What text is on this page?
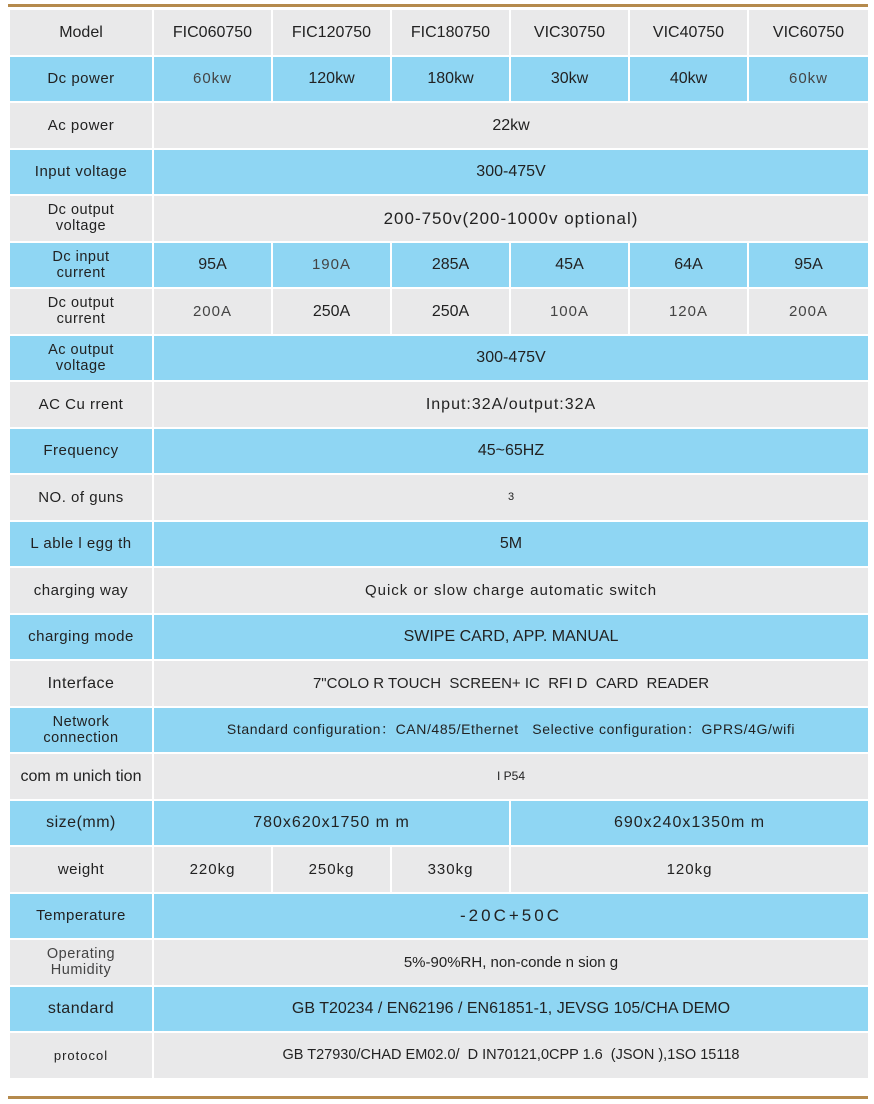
Model	FIC060750	FIC120750	FIC180750	VIC30750	VIC40750	VIC60750
Dc power	60kw	120kw	180kw	30kw	40kw	60kw
Ac power	22kw					
Input voltage	300-475V					

Dc output
voltage	200-750v(200-1000v optional)					

Dc input
current	95A	190A	285A	45A	64A	95A

Dc output
current	200A	250A	250A	100A	120A	200A

Ac output
voltage	300-475V					
AC Cu rrent	Input:32A/output:32A					
Frequency	45~65HZ					
NO. of guns	3					
L able l egg th	5M					
charging way	Quick or slow charge automatic switch					
charging mode	SWIPE CARD, APP. MANUAL					
Interface	7"COLO R TOUCH  SCREEN+ IC  RFI D  CARD  READER					

Network
connection	Standard configuration：CAN/485/Ethernet   Selective configuration：GPRS/4G/wifi					
com m unich tion	I P54					
size(mm)	780x620x1750 m m			690x240x1350m m		
weight	220kg	250kg	330kg	120kg		
Temperature	-20C+50C					

Operating
Humidity	5%-90%RH, non-conde n sion g					
standard	GB T20234 / EN62196 / EN61851-1, JEVSG 105/CHA DEMO					
protocol	GB T27930/CHAD EM02.0/  D IN70121,0CPP 1.6  (JSON ),1SO 15118					
